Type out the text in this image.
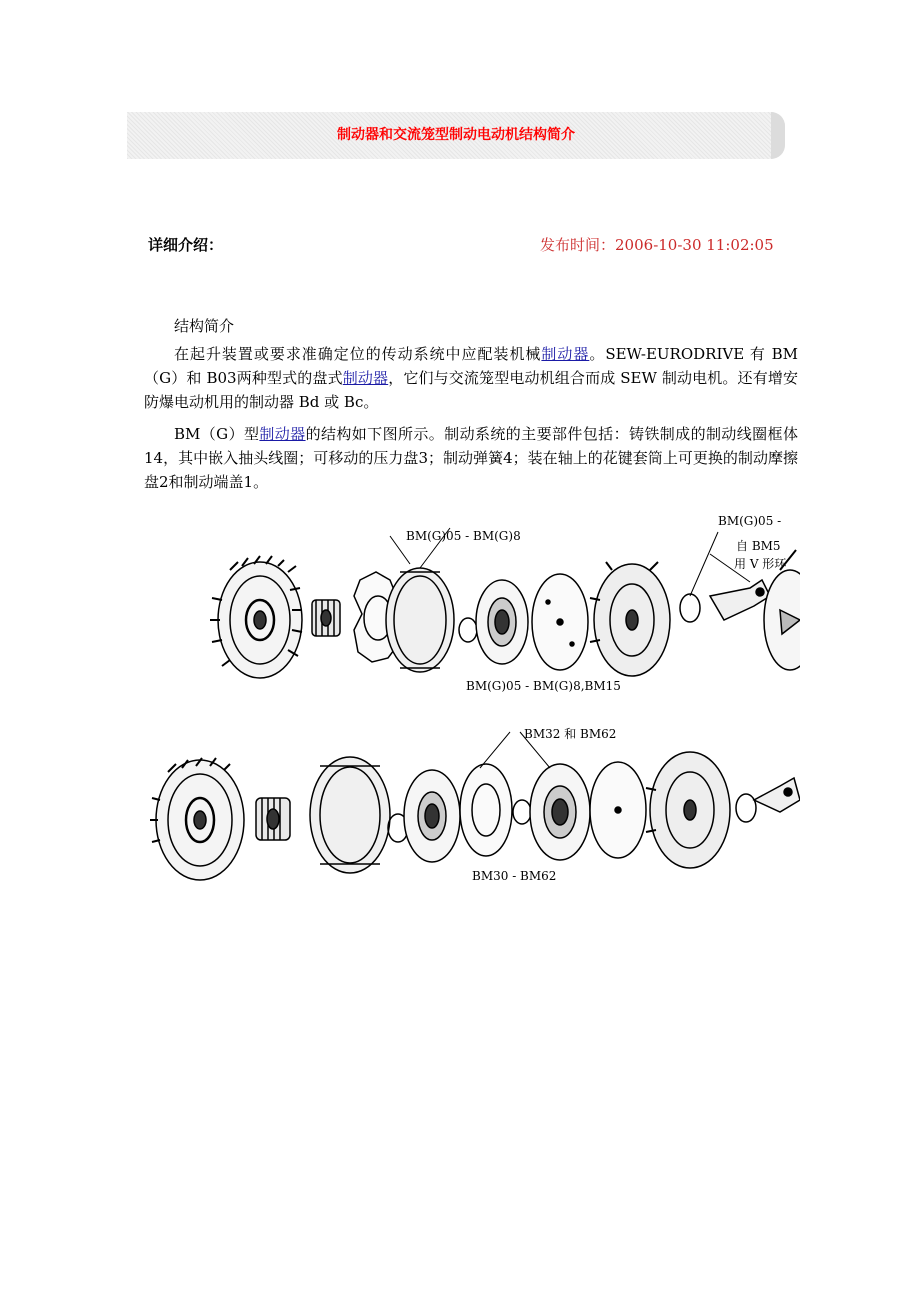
制动器和交流笼型制动电动机结构简介
详细介绍：	发布时间：2006-10-30 11:02:05

结构简介

在起升装置或要求准确定位的传动系统中应配装机械制动器。SEW-EURODRIVE 有 BM（G）和 B03两种型式的盘式制动器，它们与交流笼型电动机组合而成 SEW 制动电机。还有增安防爆电动机用的制动器 Bd 或 Bc。

BM（G）型制动器的结构如下图所示。制动系统的主要部件包括：铸铁制成的制动线圈框体14，其中嵌入抽头线圈；可移动的压力盘3；制动弹簧4；装在轴上的花键套筒上可更换的制动摩擦盘2和制动端盖1。

BM(G)05 - BM(G)8
BM(G)05 -
自 BM5
用 V 形环
BM(G)05 - BM(G)8,BM15
BM32 和 BM62
BM30 - BM62
